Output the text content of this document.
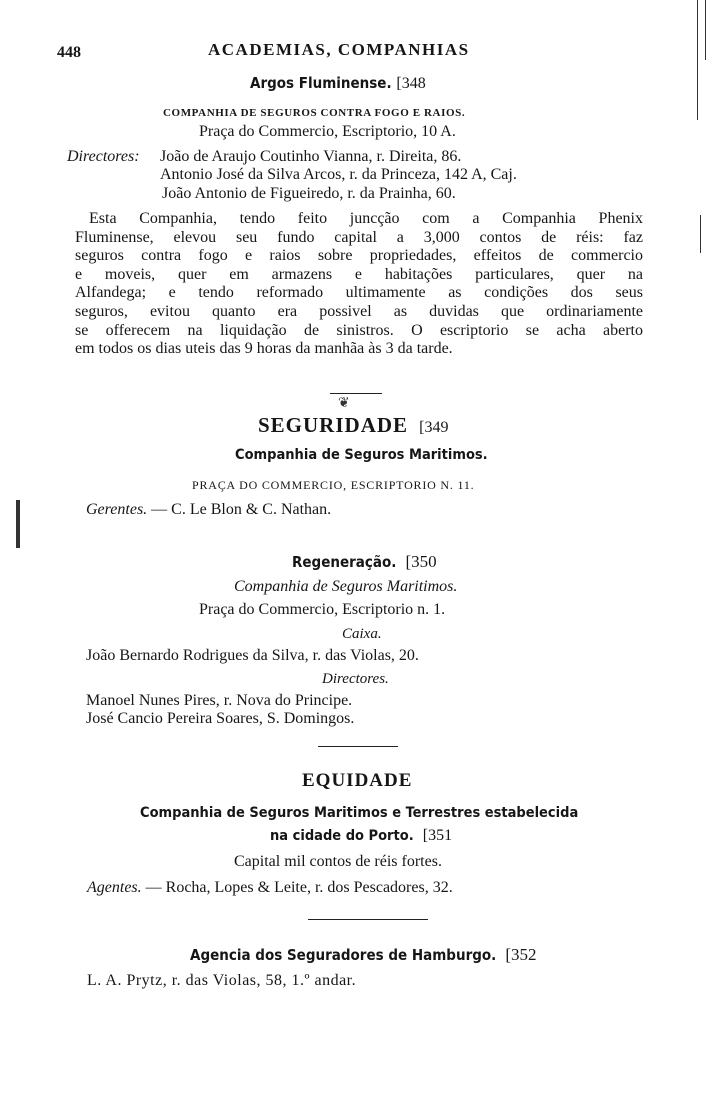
448	ACADEMIAS, COMPANHIAS
Argos Fluminense. [348
COMPANHIA DE SEGUROS CONTRA FOGO E RAIOS.
Praça do Commercio, Escriptorio, 10 A.
Directores: João de Araujo Coutinho Vianna, r. Direita, 86.
Antonio José da Silva Arcos, r. da Princeza, 142 A, Caj.
João Antonio de Figueiredo, r. da Prainha, 60.
Esta Companhia, tendo feito juncção com a Companhia Phenix
Fluminense, elevou seu fundo capital a 3,000 contos de réis: faz
seguros contra fogo e raios sobre propriedades, effeitos de commercio
e moveis, quer em armazens e habitações particulares, quer na
Alfandega; e tendo reformado ultimamente as condições dos seus
seguros, evitou quanto era possivel as duvidas que ordinariamente
se offerecem na liquidação de sinistros. O escriptorio se acha aberto
em todos os dias uteis das 9 horas da manhãa às 3 da tarde.
❦
SEGURIDADE [349
Companhia de Seguros Maritimos.
PRAÇA DO COMMERCIO, ESCRIPTORIO N. 11.
Gerentes. — C. Le Blon & C. Nathan.
Regeneração. [350
Companhia de Seguros Maritimos.
Praça do Commercio, Escriptorio n. 1.
Caixa.
João Bernardo Rodrigues da Silva, r. das Violas, 20.
Directores.
Manoel Nunes Pires, r. Nova do Principe.
José Cancio Pereira Soares, S. Domingos.
EQUIDADE
Companhia de Seguros Maritimos e Terrestres estabelecida
na cidade do Porto. [351
Capital mil contos de réis fortes.
Agentes. — Rocha, Lopes & Leite, r. dos Pescadores, 32.
Agencia dos Seguradores de Hamburgo. [352
L. A. Prytz, r. das Violas, 58, 1.º andar.
